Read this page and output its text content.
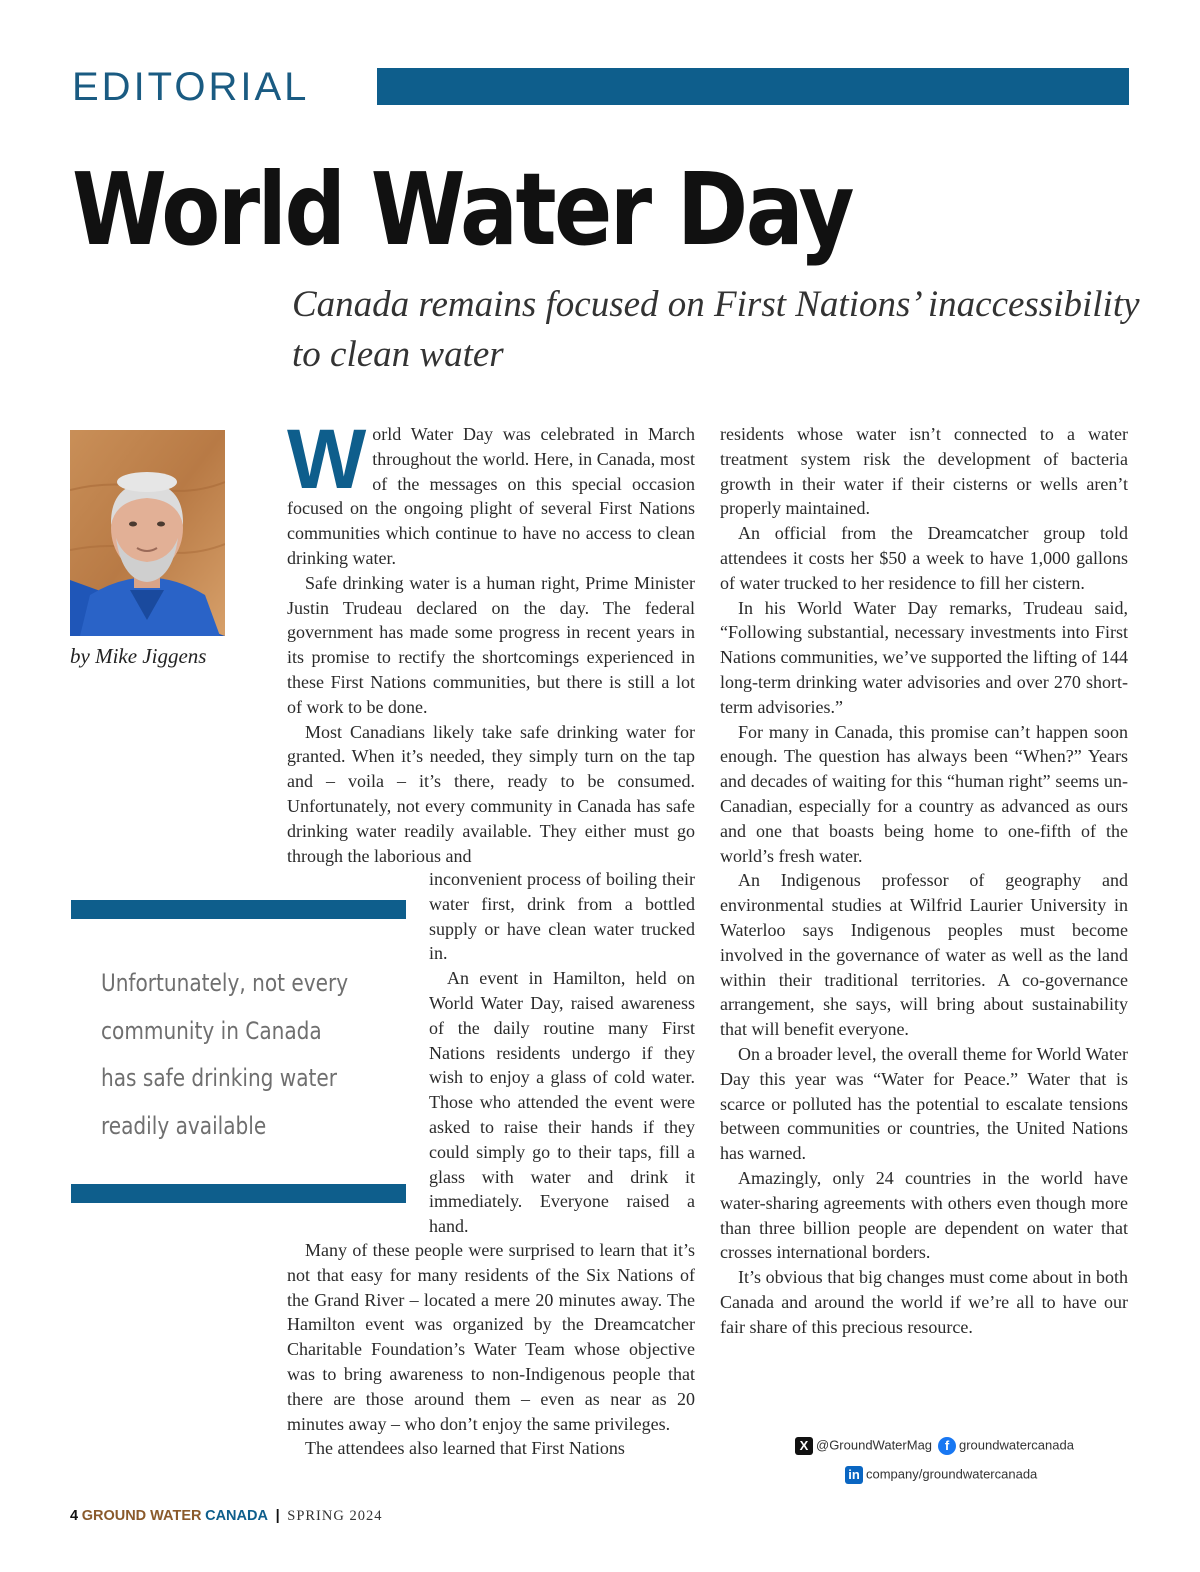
EDITORIAL
World Water Day

Canada remains focused on First Nations’ inaccessibility to clean water

by Mike Jiggens
Unfortunately, not every
community in Canada
has safe drinking water
readily available

World Water Day was celebrated in March throughout the world. Here, in Canada, most of the messages on this special occasion focused on the ongoing plight of several First Nations communities which continue to have no access to clean drinking water.

Safe drinking water is a human right, Prime Minister Justin Trudeau declared on the day. The federal government has made some progress in recent years in its promise to rectify the shortcomings experienced in these First Nations communities, but there is still a lot of work to be done.

Most Canadians likely take safe drinking water for granted. When it’s needed, they simply turn on the tap and – voila – it’s there, ready to be consumed. Unfortunately, not every community in Canada has safe drinking water readily available. They either must go through the laborious and

inconvenient process of boiling their water first, drink from a bottled supply or have clean water trucked in.

An event in Hamilton, held on World Water Day, raised awareness of the daily routine many First Nations residents undergo if they wish to enjoy a glass of cold water. Those who attended the event were asked to raise their hands if they could simply go to their taps, fill a glass with water and drink it immediately. Everyone raised a hand.

Many of these people were surprised to learn that it’s not that easy for many residents of the Six Nations of the Grand River – located a mere 20 minutes away. The Hamilton event was organized by the Dreamcatcher Charitable Foundation’s Water Team whose objective was to bring awareness to non-Indigenous people that there are those around them – even as near as 20 minutes away – who don’t enjoy the same privileges.

The attendees also learned that First Nations

residents whose water isn’t connected to a water treatment system risk the development of bacteria growth in their water if their cisterns or wells aren’t properly maintained.

An official from the Dreamcatcher group told attendees it costs her $50 a week to have 1,000 gallons of water trucked to her residence to fill her cistern.

In his World Water Day remarks, Trudeau said, “Following substantial, necessary investments into First Nations communities, we’ve supported the lifting of 144 long-term drinking water advisories and over 270 short-term advisories.”

For many in Canada, this promise can’t happen soon enough. The question has always been “When?” Years and decades of waiting for this “human right” seems un-Canadian, especially for a country as advanced as ours and one that boasts being home to one-fifth of the world’s fresh water.

An Indigenous professor of geography and environmental studies at Wilfrid Laurier University in Waterloo says Indigenous peoples must become involved in the governance of water as well as the land within their traditional territories. A co-governance arrangement, she says, will bring about sustainability that will benefit everyone.

On a broader level, the overall theme for World Water Day this year was “Water for Peace.” Water that is scarce or polluted has the potential to escalate tensions between communities or countries, the United Nations has warned.

Amazingly, only 24 countries in the world have water-sharing agreements with others even though more than three billion people are dependent on water that crosses international borders.

It’s obvious that big changes must come about in both Canada and around the world if we’re all to have our fair share of this precious resource.

X @GroundWaterMag f groundwatercanada
in company/groundwatercanada
4 GROUND WATER CANADA | SPRING 2024
